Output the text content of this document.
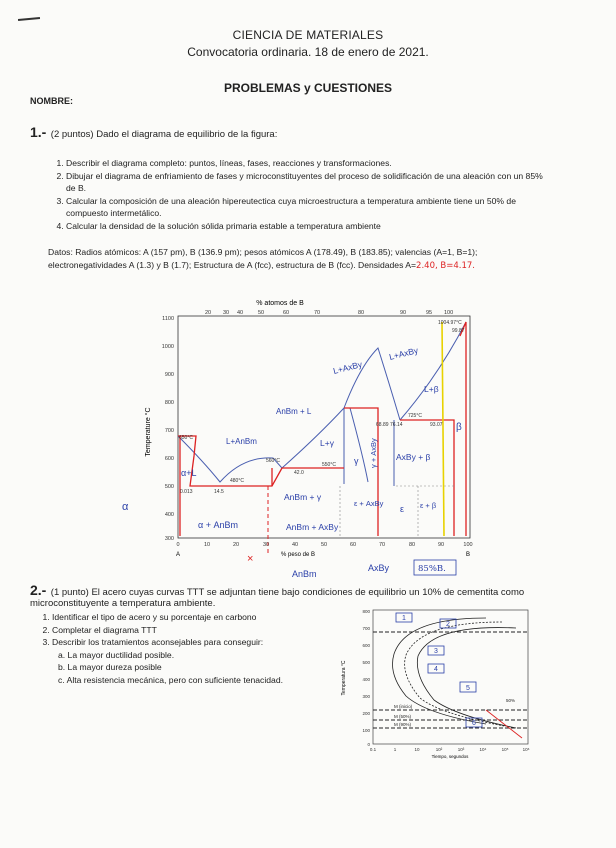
CIENCIA DE MATERIALES
Convocatoria ordinaria. 18 de enero de 2021.
PROBLEMAS y CUESTIONES
NOMBRE:
1.- (2 puntos) Dado el diagrama de equilibrio de la figura:
1. Describir el diagrama completo: puntos, líneas, fases, reacciones y transformaciones.
2. Dibujar el diagrama de enfriamiento de fases y microconstituyentes del proceso de solidificación de una aleación con un 85% de B.
3. Calcular la composición de una aleación hipereutectica cuya microestructura a temperatura ambiente tiene un 50% de compuesto intermetálico.
4. Calcular la densidad de la solución sólida primaria estable a temperatura ambiente
Datos: Radios atómicos: A (157 pm), B (136.9 pm); pesos atómicos A (178.49), B (183.85); valencias (A=1, B=1);
electronegatividades A (1.3) y B (1.7); Estructura de A (fcc), estructura de B (fcc). Densidades A=2.40, B=4.17.
% atomos de B
20 30 40	50	60	70	80	90	95 100
1100
1000
900
800
700
600
500
400
300
Temperature °C	650°C
560°C
480°C
550°C
725°C
1004.97°C
0.013	14.5
42.0
68.89 76.14	93.07
99.87
α+L
L+AnBm
AnBm + L
L+γ
L+AxBy
L+AxBy
L+β
γ γ + AxBy AxBy + β
β
AnBm + γ
ε + AxBy
ε ε + β
α + AnBm	AnBm + AxBy
α
0	10	20	30	40	50	60	70	80	90	100
A	B
% peso de B
×
AnBm
AxBy	85%B.
2.- (1 punto) El acero cuyas curvas TTT se adjuntan tiene bajo condiciones de equilibrio un 10% de cementita como
microconstituyente a temperatura ambiente.
1. Identificar el tipo de acero y su porcentaje en carbono
2. Completar el diagrama TTT
3. Describir los tratamientos aconsejables para conseguir:
a. La mayor ductilidad posible.
b. La mayor dureza posible
c. Alta resistencia mecánica, pero con suficiente tenacidad.	Temperatura °C
800
700
600
500
400
300
200
100
0
M (inicio)
M (50%)
M (90%)
50%
1
2
3
4
5
6
0.1	1	10	10²	10³	10⁴	10⁵	10⁶
Tiempo, segundos
